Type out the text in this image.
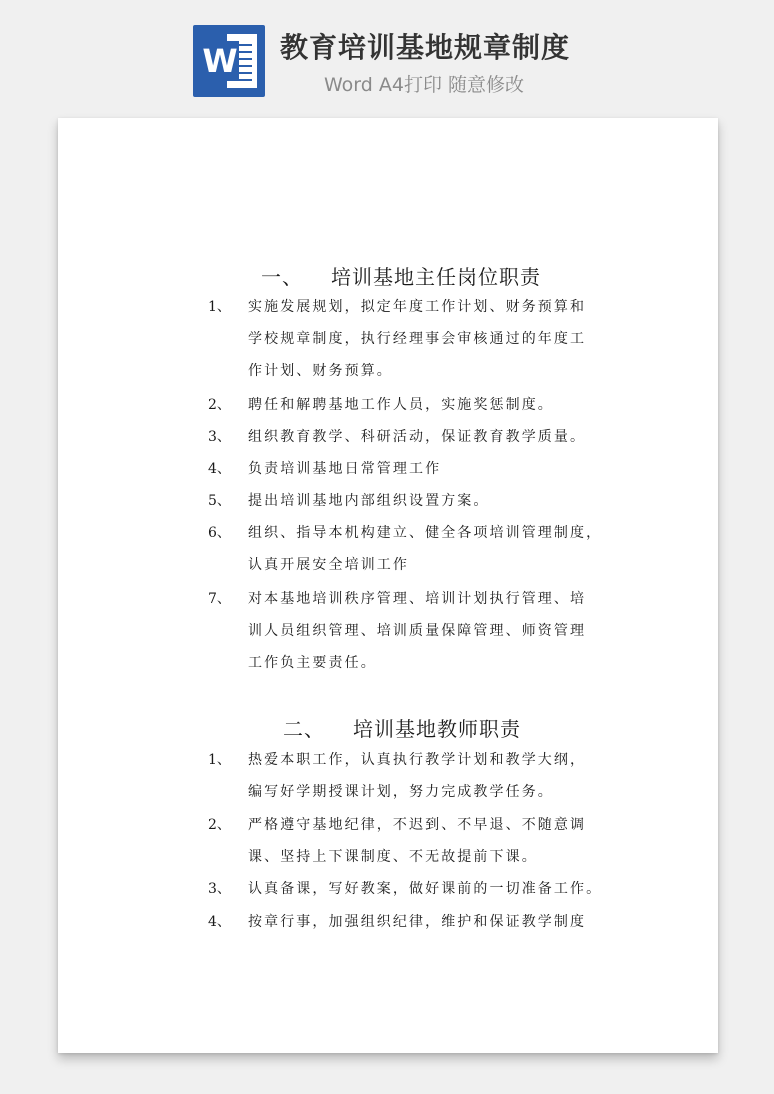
W 教育培训基地规章制度
Word A4打印 随意修改
一、 培训基地主任岗位职责
1、 实施发展规划，拟定年度工作计划、财务预算和
学校规章制度，执行经理事会审核通过的年度工
作计划、财务预算。
2、 聘任和解聘基地工作人员，实施奖惩制度。
3、 组织教育教学、科研活动，保证教育教学质量。
4、 负责培训基地日常管理工作
5、 提出培训基地内部组织设置方案。
6、 组织、指导本机构建立、健全各项培训管理制度，
认真开展安全培训工作
7、 对本基地培训秩序管理、培训计划执行管理、培
训人员组织管理、培训质量保障管理、师资管理
工作负主要责任。
二、 培训基地教师职责
1、 热爱本职工作，认真执行教学计划和教学大纲，
编写好学期授课计划，努力完成教学任务。
2、 严格遵守基地纪律，不迟到、不早退、不随意调
课、坚持上下课制度、不无故提前下课。
3、 认真备课，写好教案，做好课前的一切准备工作。
4、 按章行事，加强组织纪律，维护和保证教学制度
